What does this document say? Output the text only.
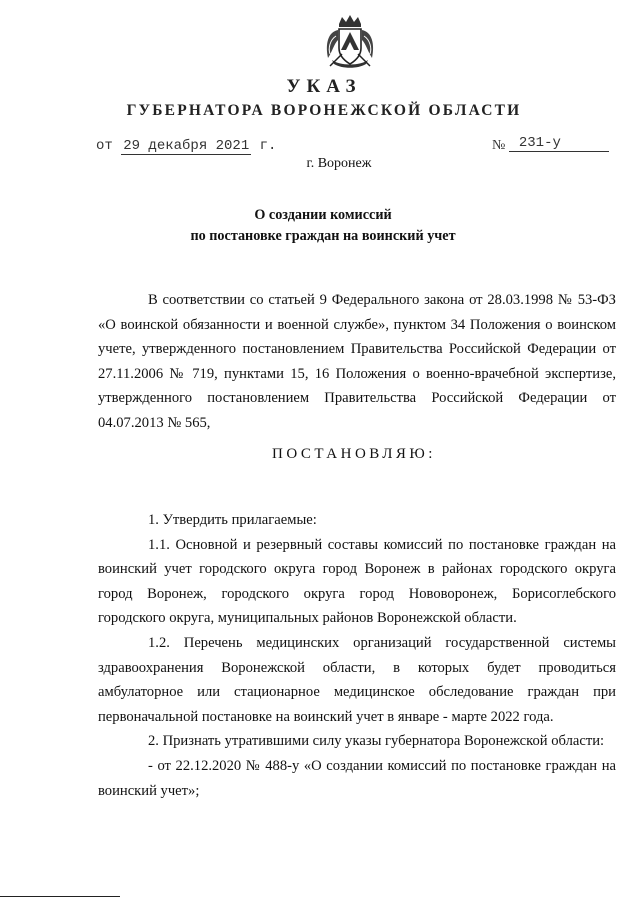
УКАЗ
ГУБЕРНАТОРА ВОРОНЕЖСКОЙ ОБЛАСТИ
от 29 декабря 2021 г.	№ 231-у
г. Воронеж
О создании комиссий
по постановке граждан на воинский учет

В соответствии со статьей 9 Федерального закона от 28.03.1998 № 53-ФЗ «О воинской обязанности и военной службе», пунктом 34 Положения о воинском учете, утвержденного постановлением Правительства Российской Федерации от 27.11.2006 № 719, пунктами 15, 16 Положения о военно-врачебной экспертизе, утвержденного постановлением Правительства Российской Федерации от 04.07.2013 № 565,

ПОСТАНОВЛЯЮ:

1. Утвердить прилагаемые:

1.1. Основной и резервный составы комиссий по постановке граждан на воинский учет городского округа город Воронеж в районах городского округа город Воронеж, городского округа город Нововоронеж, Борисоглебского городского округа, муниципальных районов Воронежской области.

1.2. Перечень медицинских организаций государственной системы здравоохранения Воронежской области, в которых будет проводиться амбулаторное или стационарное медицинское обследование граждан при первоначальной постановке на воинский учет в январе - марте 2022 года.

2. Признать утратившими силу указы губернатора Воронежской области:

- от 22.12.2020 № 488-у «О создании комиссий по постановке граждан на воинский учет»;
